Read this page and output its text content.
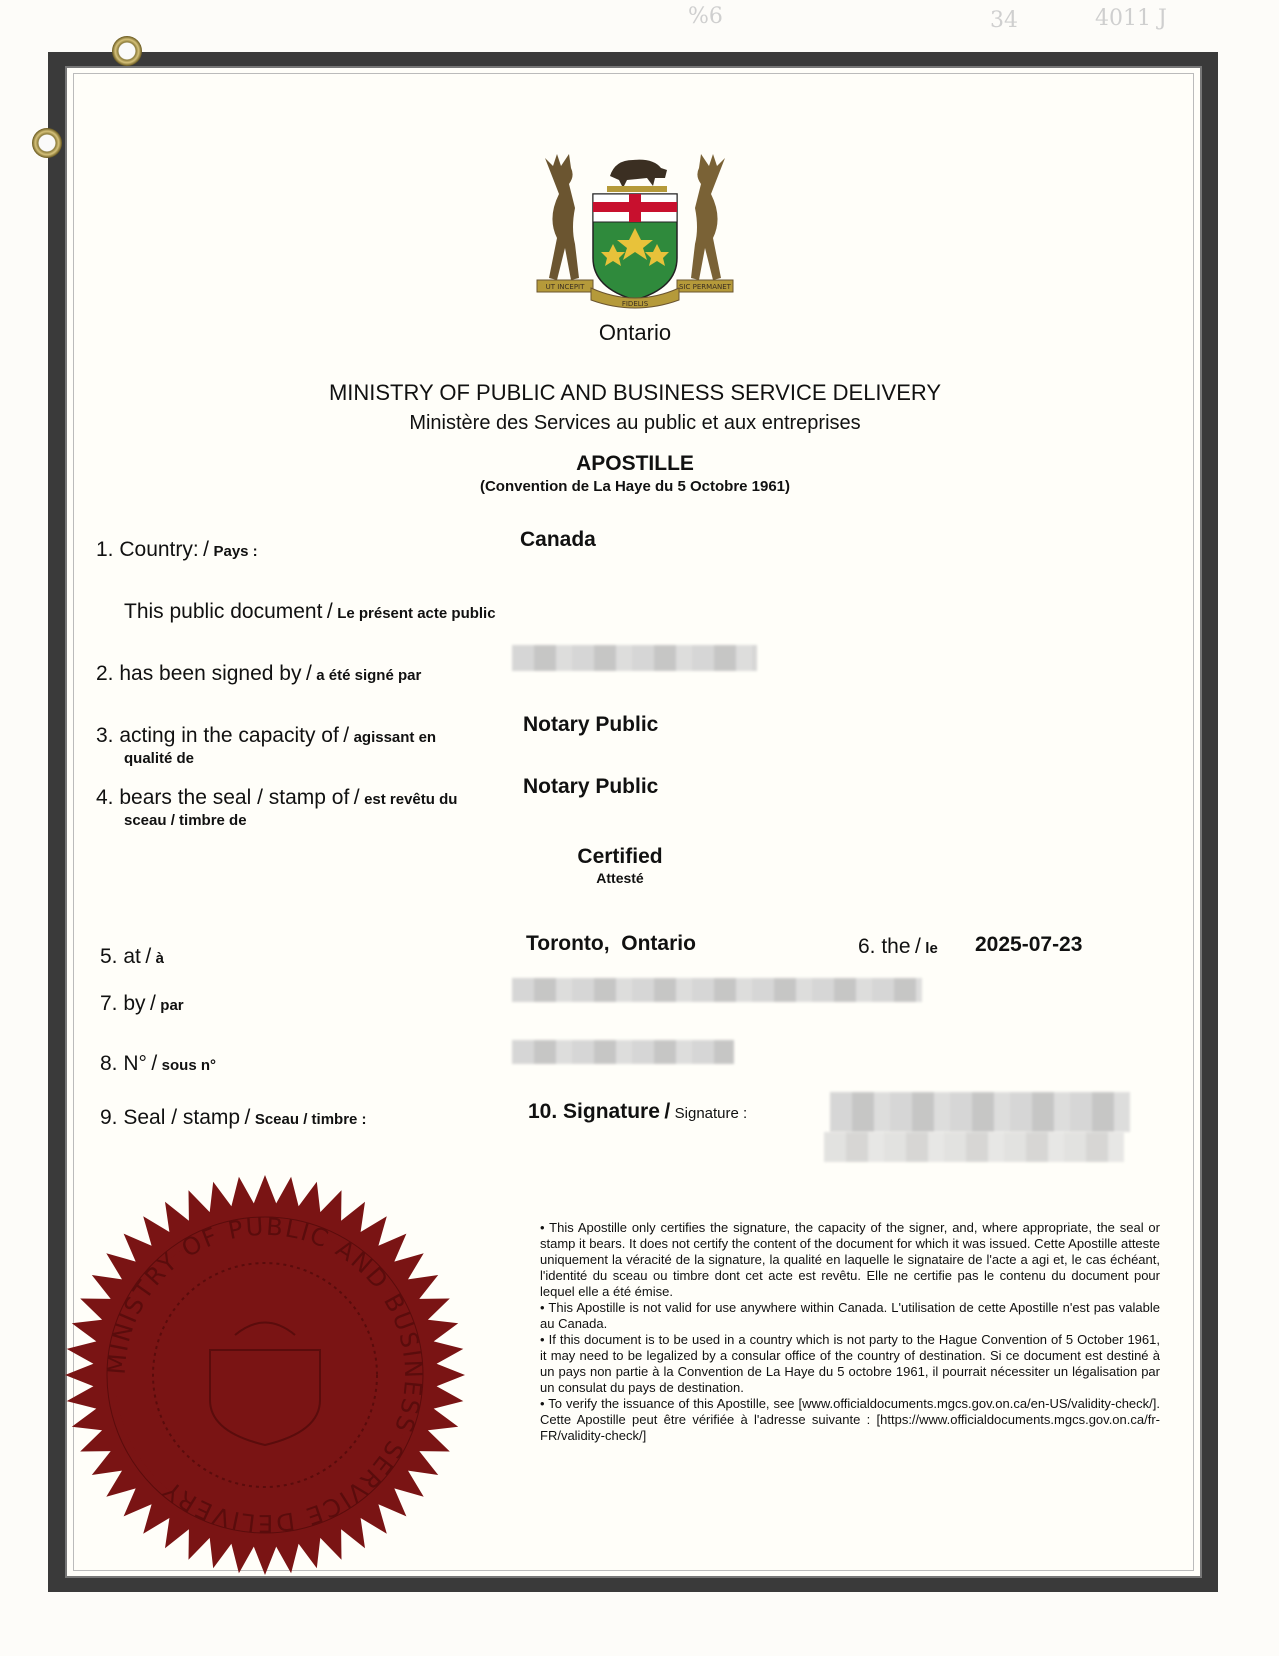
%6	34	4011 J
UT INCEPIT	SIC PERMANET
FIDELIS
Ontario
MINISTRY OF PUBLIC AND BUSINESS SERVICE DELIVERY
Ministère des Services au public et aux entreprises
APOSTILLE
(Convention de La Haye du 5 Octobre 1961)
1. Country: / Pays :
Canada
This public document / Le présent acte public
2. has been signed by / a été signé par
3. acting in the capacity of / agissant en
qualité de
Notary Public
4. bears the seal / stamp of / est revêtu du
sceau / timbre de
Notary Public
Certified
Attesté
5. at / à
Toronto, Ontario	6. the / le 2025-07-23
7. by / par
8. N° / sous n°
9. Seal / stamp / Sceau / timbre :	10. Signature / Signature :
MINISTRY OF PUBLIC AND BUSINESS SERVICE DELIVERY

• This Apostille only certifies the signature, the capacity of the signer, and, where appropriate, the seal or stamp it bears. It does not certify the content of the document for which it was issued. Cette Apostille atteste uniquement la véracité de la signature, la qualité en laquelle le signataire de l'acte a agi et, le cas échéant, l'identité du sceau ou timbre dont cet acte est revêtu. Elle ne certifie pas le contenu du document pour lequel elle a été émise.

• This Apostille is not valid for use anywhere within Canada. L'utilisation de cette Apostille n'est pas valable au Canada.

• If this document is to be used in a country which is not party to the Hague Convention of 5 October 1961, it may need to be legalized by a consular office of the country of destination. Si ce document est destiné à un pays non partie à la Convention de La Haye du 5 octobre 1961, il pourrait nécessiter un légalisation par un consulat du pays de destination.

• To verify the issuance of this Apostille, see [www.officialdocuments.mgcs.gov.on.ca/en-US/validity-check/]. Cette Apostille peut être vérifiée à l'adresse suivante : [https://www.officialdocuments.mgcs.gov.on.ca/fr-FR/validity-check/]
